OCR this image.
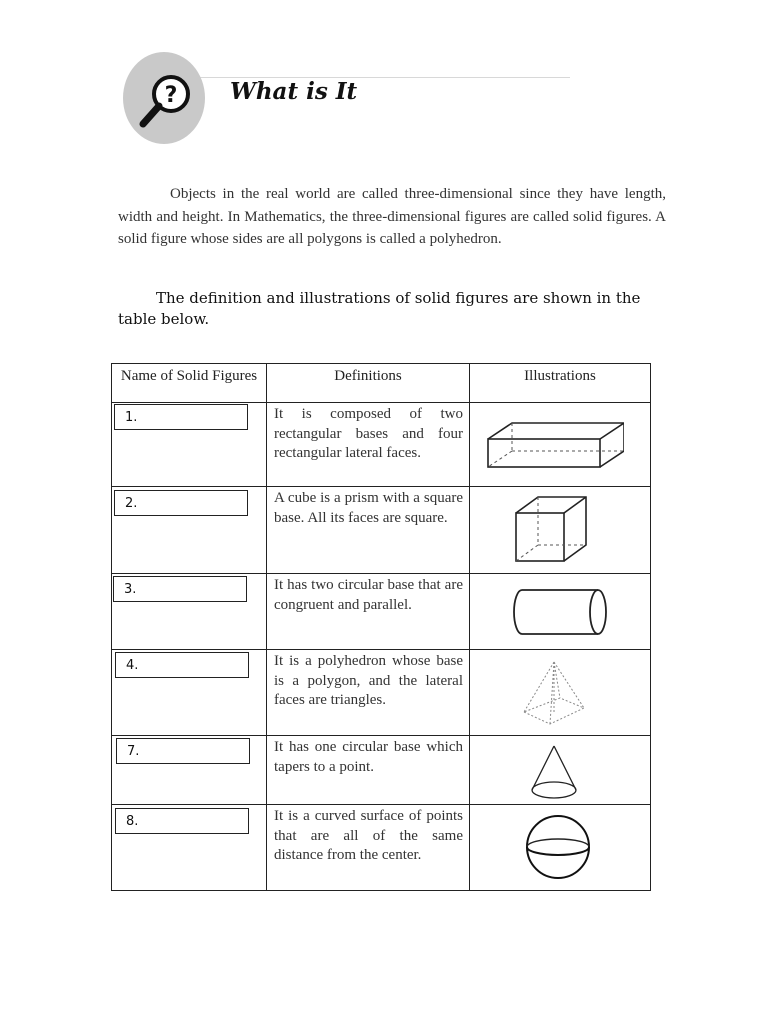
? What is It
Objects in the real world are called three-dimensional since they have length, width and height. In Mathematics, the three-dimensional figures are called solid figures. A solid figure whose sides are all polygons is called a polyhedron.
The definition and illustrations of solid figures are shown in the table below.
Name of Solid Figures	Definitions	Illustrations

1.	It is composed of two rectangular bases and four rectangular lateral faces.

2.	A cube is a prism with a square base. All its faces are square.

3.	It has two circular base that are congruent and parallel.

4.	It is a polyhedron whose base is a polygon, and the lateral faces are triangles.

7.	It has one circular base which tapers to a point.

8.	It is a curved surface of points that are all of the same distance from the center.
